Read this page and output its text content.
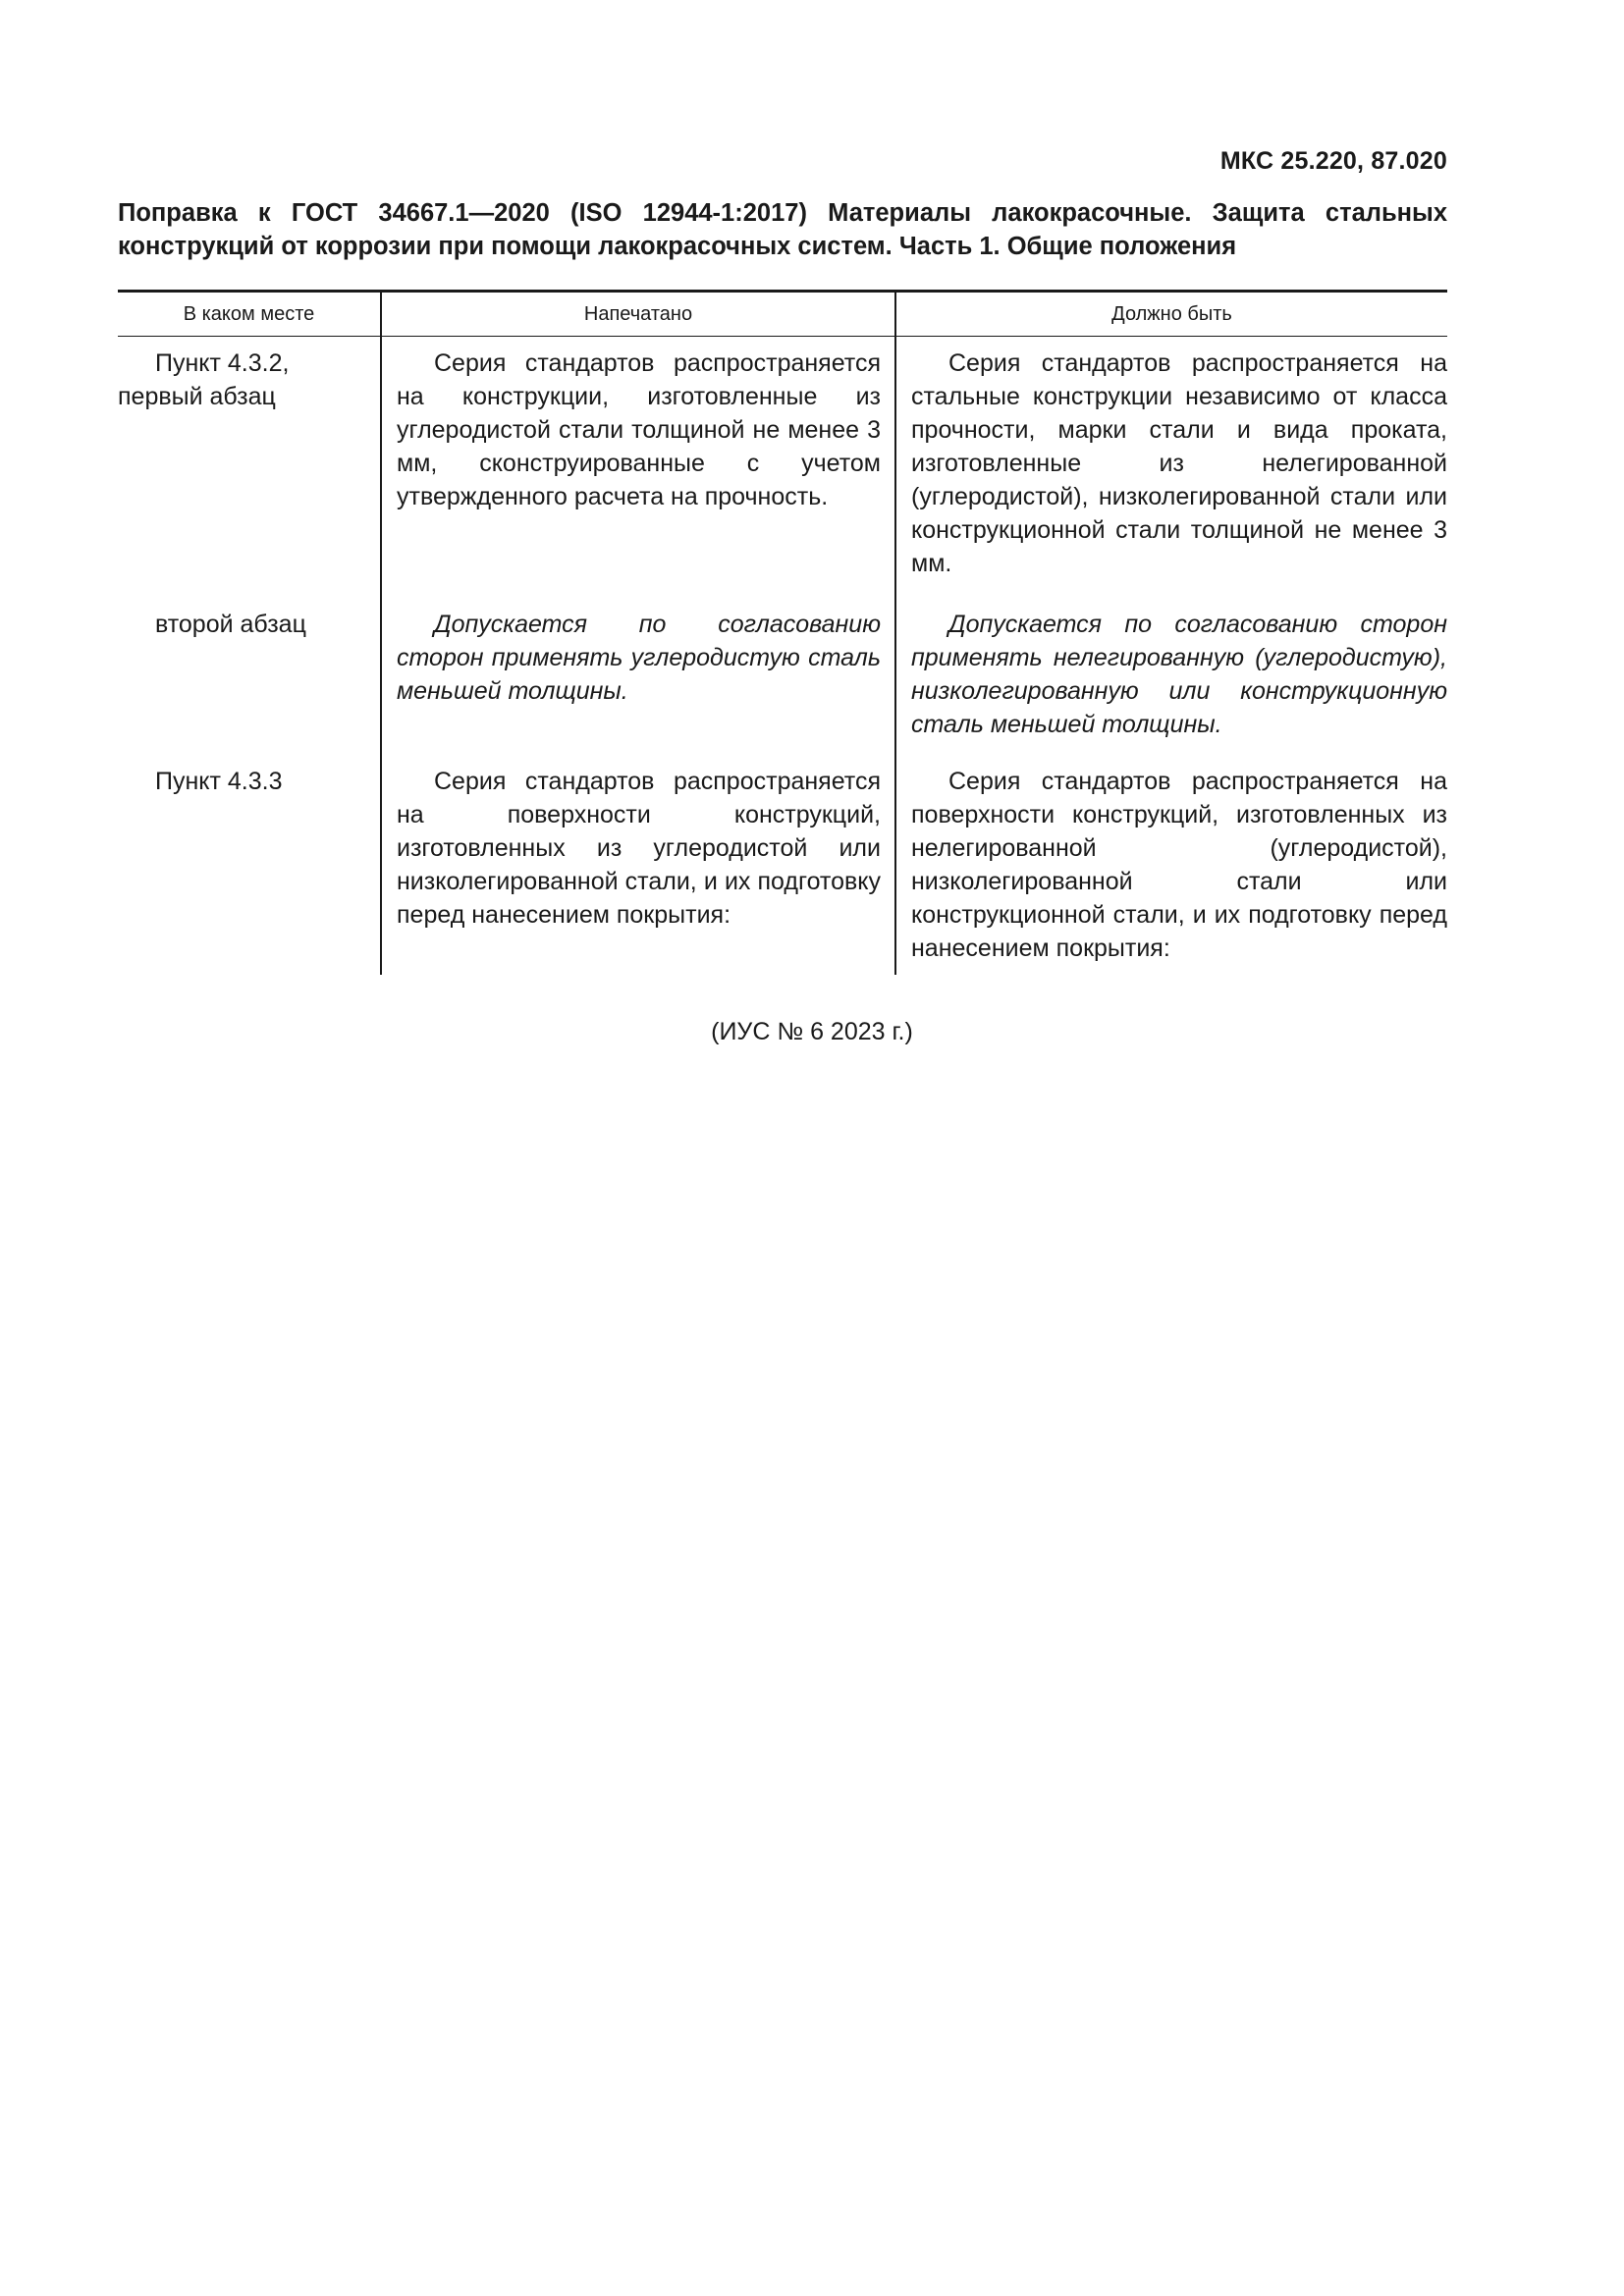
МКС 25.220, 87.020
Поправка к ГОСТ 34667.1—2020 (ISO 12944-1:2017) Материалы лакокрасочные. Защита стальных конструкций от коррозии при помощи лакокрасочных систем. Часть 1. Общие положения
В каком месте	Напечатано	Должно быть

Пункт 4.3.2, первый абзац	Серия стандартов распространяется на конструкции, изготовленные из углеродистой стали толщиной не менее 3 мм, сконструированные с учетом утвержденного расчета на прочность.	Серия стандартов распространяется на стальные конструкции независимо от класса прочности, марки стали и вида проката, изготовленные из нелегированной (углеродистой), низколегированной стали или конструкционной стали толщиной не менее 3 мм.

второй абзац	Допускается по согласованию сторон применять углеродистую сталь меньшей толщины.	Допускается по согласованию сторон применять нелегированную (углеродистую), низколегированную или конструкционную сталь меньшей толщины.

Пункт 4.3.3	Серия стандартов распространяется на поверхности конструкций, изготовленных из углеродистой или низколегированной стали, и их подготовку перед нанесением покрытия:	Серия стандартов распространяется на поверхности конструкций, изготовленных из нелегированной (углеродистой), низколегированной стали или конструкционной стали, и их подготовку перед нанесением покрытия:

(ИУС № 6 2023 г.)
